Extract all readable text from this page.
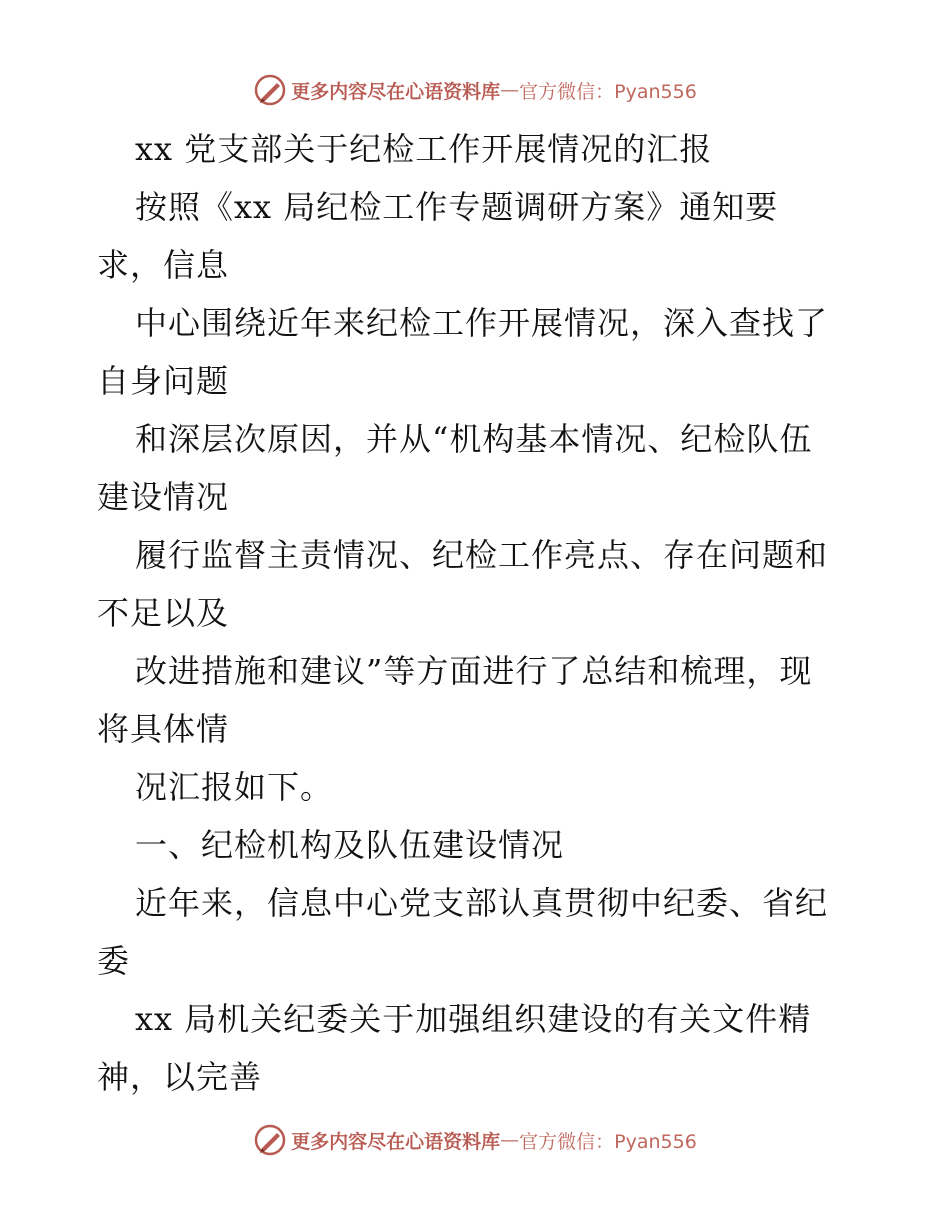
更多内容尽在心语资料库 — 官方微信：Pyan556
xx 党支部关于纪检工作开展情况的汇报
按照《xx 局纪检工作专题调研方案》通知要
求，信息
中心围绕近年来纪检工作开展情况，深入查找了
自身问题
和深层次原因，并从“机构基本情况、纪检队伍
建设情况
履行监督主责情况、纪检工作亮点、存在问题和
不足以及
改进措施和建议”等方面进行了总结和梳理，现
将具体情
况汇报如下。
一、纪检机构及队伍建设情况
近年来，信息中心党支部认真贯彻中纪委、省纪
委
xx 局机关纪委关于加强组织建设的有关文件精
神，以完善
更多内容尽在心语资料库 — 官方微信：Pyan556
